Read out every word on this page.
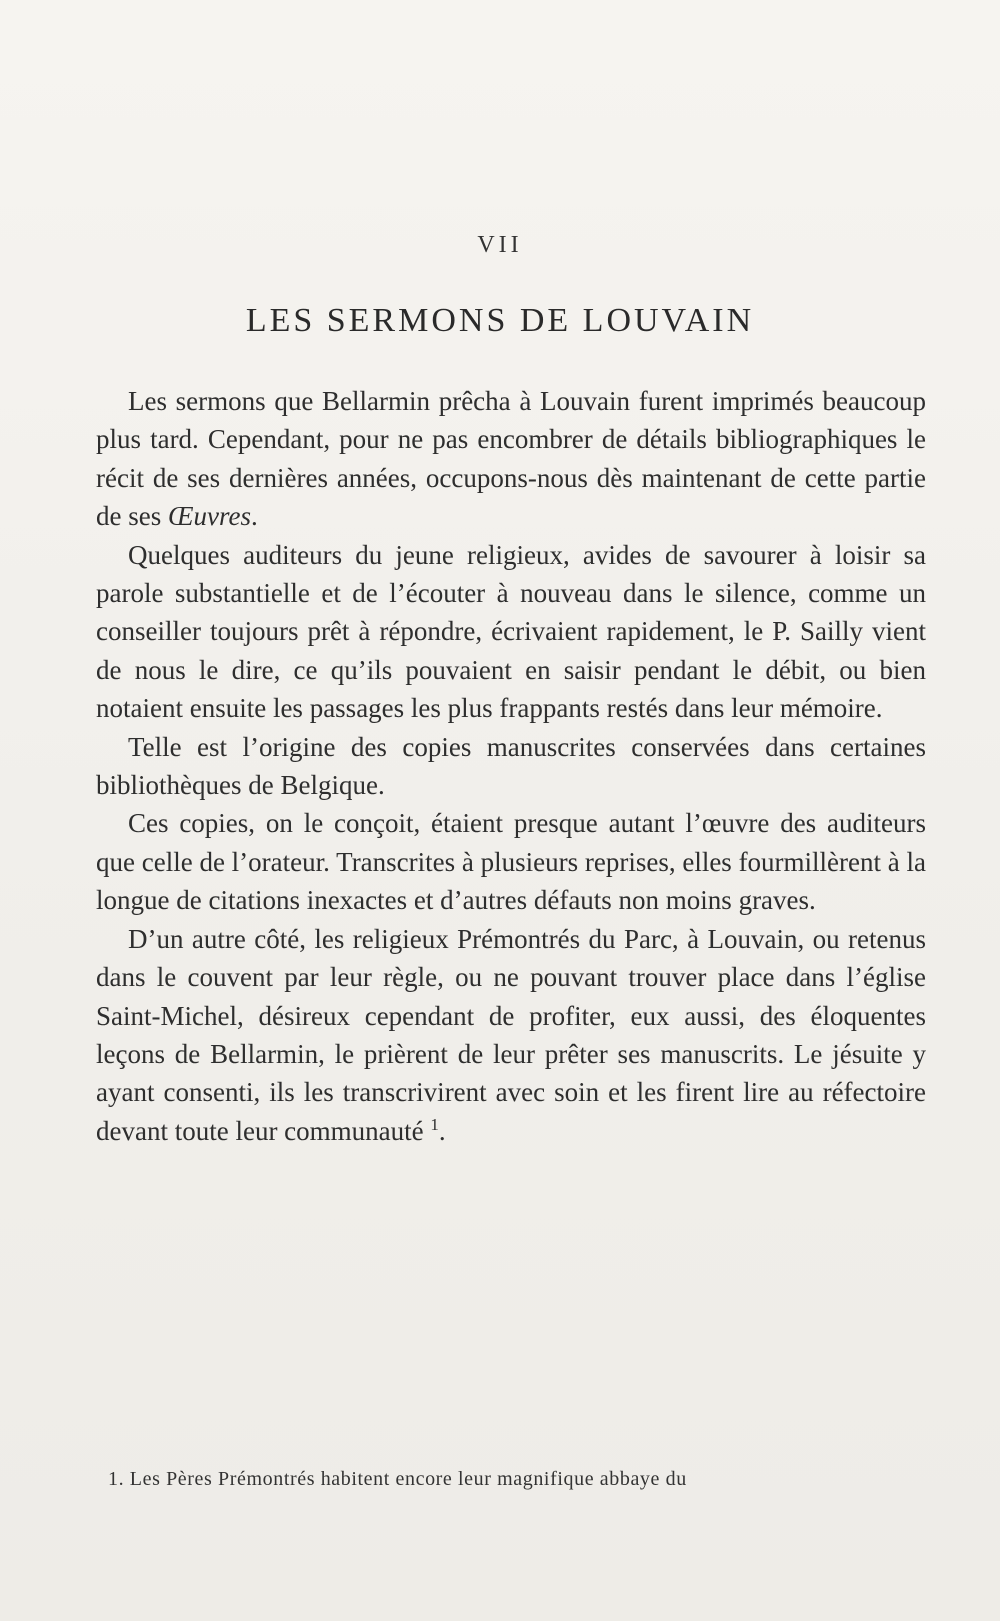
VII
LES SERMONS DE LOUVAIN

Les sermons que Bellarmin prêcha à Louvain furent imprimés beaucoup plus tard. Cependant, pour ne pas encombrer de détails bibliographiques le récit de ses dernières années, occupons-nous dès maintenant de cette partie de ses Œuvres.

Quelques auditeurs du jeune religieux, avides de savourer à loisir sa parole substantielle et de l’écouter à nouveau dans le silence, comme un conseiller toujours prêt à répondre, écrivaient rapidement, le P. Sailly vient de nous le dire, ce qu’ils pouvaient en saisir pendant le débit, ou bien notaient ensuite les passages les plus frappants restés dans leur mémoire.

Telle est l’origine des copies manuscrites conservées dans certaines bibliothèques de Belgique.

Ces copies, on le conçoit, étaient presque autant l’œuvre des auditeurs que celle de l’orateur. Transcrites à plusieurs reprises, elles fourmillèrent à la longue de citations inexactes et d’autres défauts non moins graves.

D’un autre côté, les religieux Prémontrés du Parc, à Louvain, ou retenus dans le couvent par leur règle, ou ne pouvant trouver place dans l’église Saint-Michel, désireux cependant de profiter, eux aussi, des éloquentes leçons de Bellarmin, le prièrent de leur prêter ses manuscrits. Le jésuite y ayant consenti, ils les transcrivirent avec soin et les firent lire au réfectoire devant toute leur communauté $^1$.

1. Les Pères Prémontrés habitent encore leur magnifique abbaye du
